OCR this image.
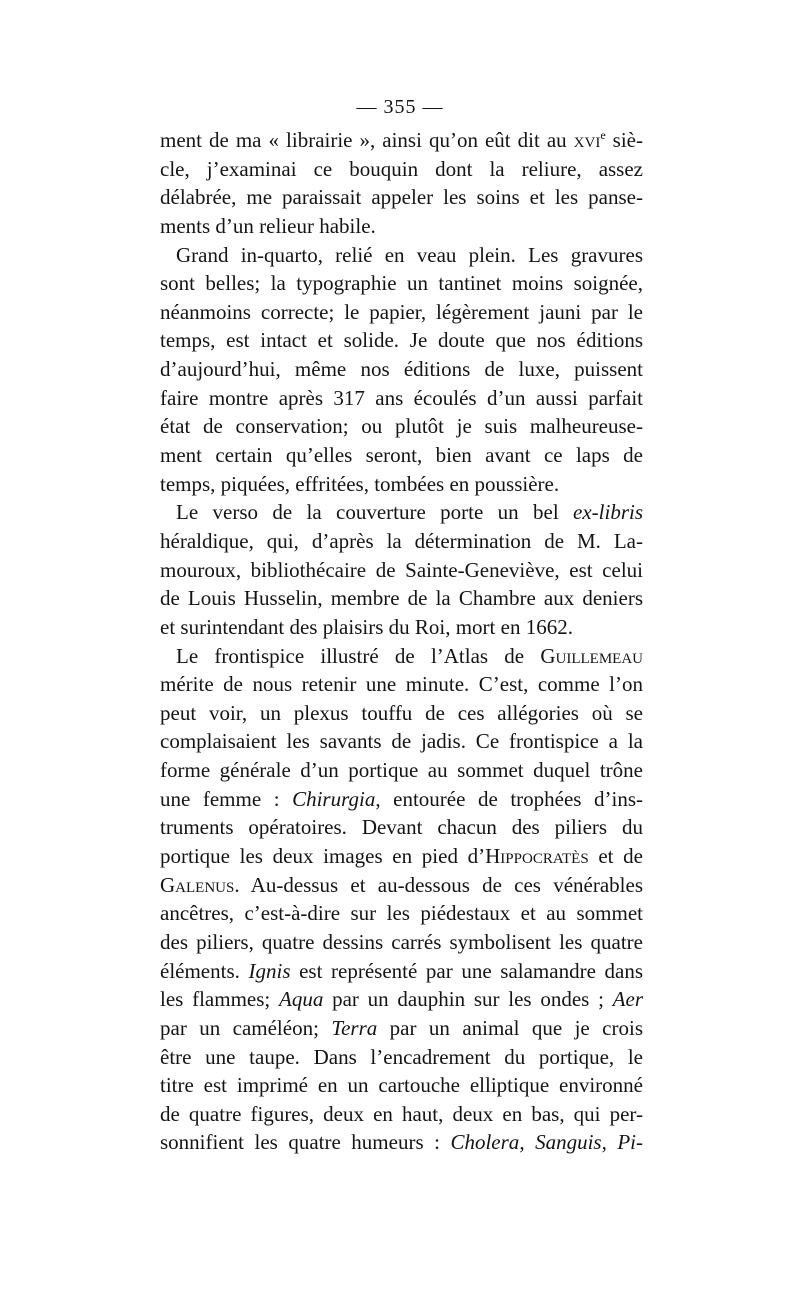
— 355 —
ment de ma « librairie », ainsi qu’on eût dit au xvi$^e$ siè-
cle, j’examinai ce bouquin dont la reliure, assez
délabrée, me paraissait appeler les soins et les panse-
ments d’un relieur habile.
Grand in-quarto, relié en veau plein. Les gravures
sont belles; la typographie un tantinet moins soignée,
néanmoins correcte; le papier, légèrement jauni par le
temps, est intact et solide. Je doute que nos éditions
d’aujourd’hui, même nos éditions de luxe, puissent
faire montre après 317 ans écoulés d’un aussi parfait
état de conservation; ou plutôt je suis malheureuse-
ment certain qu’elles seront, bien avant ce laps de
temps, piquées, effritées, tombées en poussière.
Le verso de la couverture porte un bel ex-libris
héraldique, qui, d’après la détermination de M. La-
mouroux, bibliothécaire de Sainte-Geneviève, est celui
de Louis Husselin, membre de la Chambre aux deniers
et surintendant des plaisirs du Roi, mort en 1662.
Le frontispice illustré de l’Atlas de Guillemeau
mérite de nous retenir une minute. C’est, comme l’on
peut voir, un plexus touffu de ces allégories où se
complaisaient les savants de jadis. Ce frontispice a la
forme générale d’un portique au sommet duquel trône
une femme : Chirurgia, entourée de trophées d’ins-
truments opératoires. Devant chacun des piliers du
portique les deux images en pied d’Hippocratès et de
Galenus. Au-dessus et au-dessous de ces vénérables
ancêtres, c’est-à-dire sur les piédestaux et au sommet
des piliers, quatre dessins carrés symbolisent les quatre
éléments. Ignis est représenté par une salamandre dans
les flammes; Aqua par un dauphin sur les ondes ; Aer
par un caméléon; Terra par un animal que je crois
être une taupe. Dans l’encadrement du portique, le
titre est imprimé en un cartouche elliptique environné
de quatre figures, deux en haut, deux en bas, qui per-
sonnifient les quatre humeurs : Cholera, Sanguis, Pi-
